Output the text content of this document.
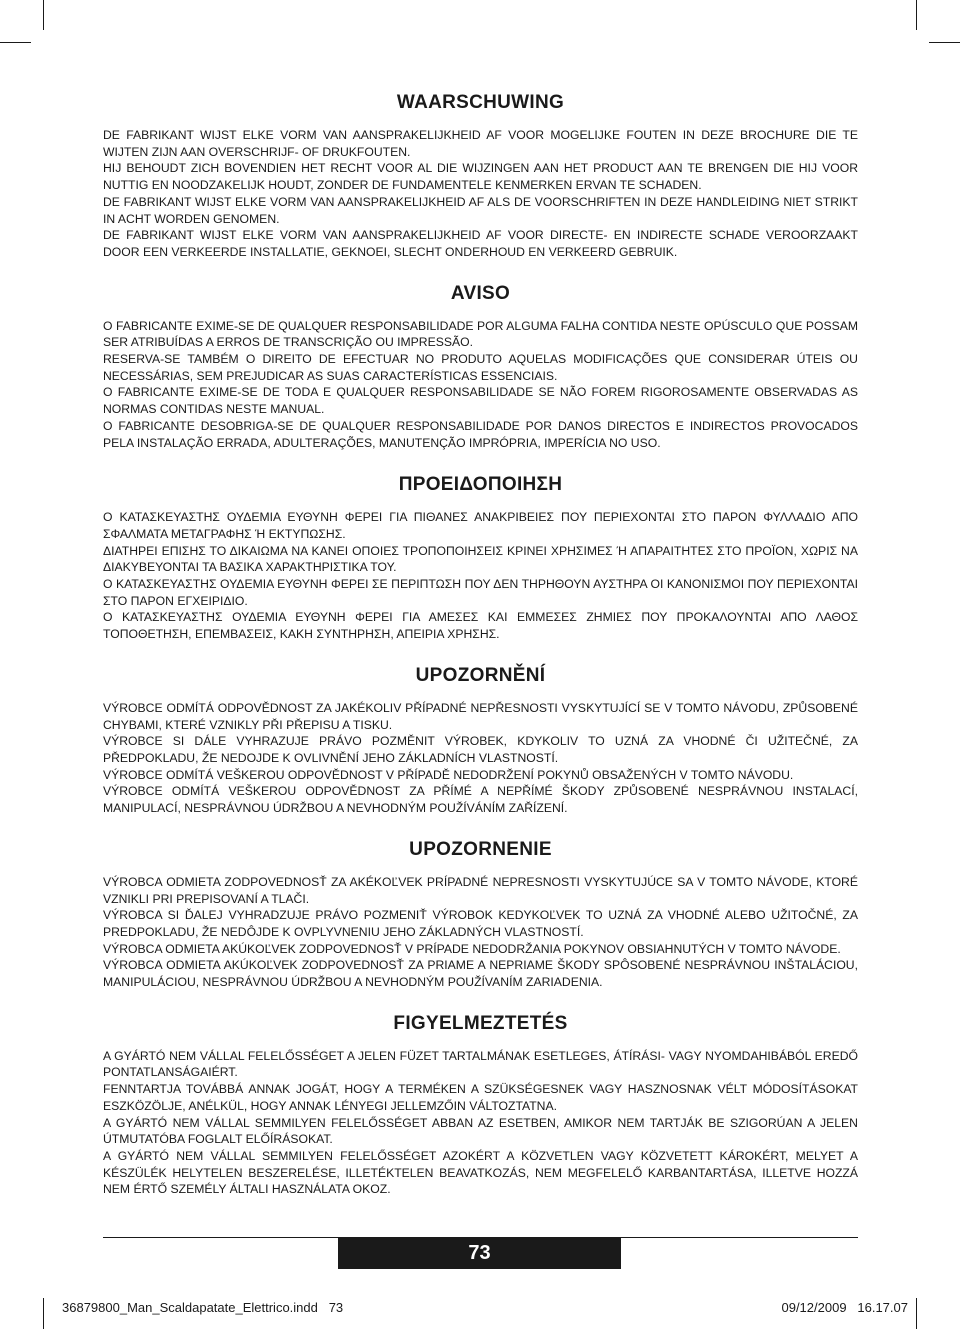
WAARSCHUWING

DE FABRIKANT WIJST ELKE VORM VAN AANSPRAKELIJKHEID AF VOOR MOGELIJKE FOUTEN IN DEZE BROCHURE DIE TE WIJTEN ZIJN AAN OVERSCHRIJF- OF DRUKFOUTEN.

HIJ BEHOUDT ZICH BOVENDIEN HET RECHT VOOR AL DIE WIJZINGEN AAN HET PRODUCT AAN TE BRENGEN DIE HIJ VOOR NUTTIG EN NOODZAKELIJK HOUDT, ZONDER DE FUNDAMENTELE KENMERKEN ERVAN TE SCHADEN.

DE FABRIKANT WIJST ELKE VORM VAN AANSPRAKELIJKHEID AF ALS DE VOORSCHRIFTEN IN DEZE HANDLEIDING NIET STRIKT IN ACHT WORDEN GENOMEN.

DE FABRIKANT WIJST ELKE VORM VAN AANSPRAKELIJKHEID AF VOOR DIRECTE- EN INDIRECTE SCHADE VEROORZAAKT DOOR EEN VERKEERDE INSTALLATIE, GEKNOEI, SLECHT ONDERHOUD EN VERKEERD GEBRUIK.

AVISO

O FABRICANTE EXIME-SE DE QUALQUER RESPONSABILIDADE POR ALGUMA FALHA CONTIDA NESTE OPÚSCULO QUE POSSAM SER ATRIBUÍDAS A ERROS DE TRANSCRIÇÃO OU IMPRESSÃO.

RESERVA-SE TAMBÉM O DIREITO DE EFECTUAR NO PRODUTO AQUELAS MODIFICAÇÕES QUE CONSIDERAR ÚTEIS OU NECESSÁRIAS, SEM PREJUDICAR AS SUAS CARACTERÍSTICAS ESSENCIAIS.

O FABRICANTE EXIME-SE DE TODA E QUALQUER RESPONSABILIDADE SE NÃO FOREM RIGOROSAMENTE OBSERVADAS AS NORMAS CONTIDAS NESTE MANUAL.

O FABRICANTE DESOBRIGA-SE DE QUALQUER RESPONSABILIDADE POR DANOS DIRECTOS E INDIRECTOS PROVOCADOS PELA INSTALAÇÃO ERRADA, ADULTERAÇÕES, MANUTENÇÃO IMPRÓPRIA, IMPERÍCIA NO USO.

ΠΡΟΕΙΔΟΠΟΙΗΣΗ

Ο ΚΑΤΑΣΚΕΥΑΣΤΗΣ ΟΥΔΕΜΙΑ ΕΥΘΥΝΗ ΦΕΡΕΙ ΓΙΑ ΠΙΘΑΝΕΣ ΑΝΑΚΡΙΒΕΙΕΣ ΠΟΥ ΠΕΡΙΕΧΟΝΤΑΙ ΣΤΟ ΠΑΡΟΝ ΦΥΛΛΑΔΙΟ ΑΠΟ ΣΦΑΛΜΑΤΑ ΜΕΤΑΓΡΑΦΗΣ Ή ΕΚΤΥΠΩΣΗΣ.

ΔΙΑΤΗΡΕΙ ΕΠΙΣΗΣ ΤΟ ΔΙΚΑΙΩΜΑ ΝΑ ΚΑΝΕΙ ΟΠΟΙΕΣ ΤΡΟΠΟΠΟΙΗΣΕΙΣ ΚΡΙΝΕΙ ΧΡΗΣΙΜΕΣ Ή ΑΠΑΡΑΙΤΗΤΕΣ ΣΤΟ ΠΡΟΪΟΝ, ΧΩΡΙΣ ΝΑ ΔΙΑΚΥΒΕΥΟΝΤΑΙ ΤΑ ΒΑΣΙΚΑ ΧΑΡΑΚΤΗΡΙΣΤΙΚΑ ΤΟΥ.

Ο ΚΑΤΑΣΚΕΥΑΣΤΗΣ ΟΥΔΕΜΙΑ ΕΥΘΥΝΗ ΦΕΡΕΙ ΣΕ ΠΕΡΙΠΤΩΣΗ ΠΟΥ ΔΕΝ ΤΗΡΗΘΟΥΝ ΑΥΣΤΗΡΑ ΟΙ ΚΑΝΟΝΙΣΜΟΙ ΠΟΥ ΠΕΡΙΕΧΟΝΤΑΙ ΣΤΟ ΠΑΡΟΝ ΕΓΧΕΙΡΙΔΙΟ.

Ο ΚΑΤΑΣΚΕΥΑΣΤΗΣ ΟΥΔΕΜΙΑ ΕΥΘΥΝΗ ΦΕΡΕΙ ΓΙΑ ΑΜΕΣΕΣ ΚΑΙ ΕΜΜΕΣΕΣ ΖΗΜΙΕΣ ΠΟΥ ΠΡΟΚΑΛΟΥΝΤΑΙ ΑΠΟ ΛΑΘΟΣ ΤΟΠΟΘΕΤΗΣΗ, ΕΠΕΜΒΑΣΕΙΣ, ΚΑΚΗ ΣΥΝΤΗΡΗΣΗ, ΑΠΕΙΡΙΑ ΧΡΗΣΗΣ.

UPOZORNĚNÍ

VÝROBCE ODMÍTÁ ODPOVĚDNOST ZA JAKÉKOLIV PŘÍPADNÉ NEPŘESNOSTI VYSKYTUJÍCÍ SE V TOMTO NÁVODU, ZPŮSOBENÉ CHYBAMI, KTERÉ VZNIKLY PŘI PŘEPISU A TISKU.

VÝROBCE SI DÁLE VYHRAZUJE PRÁVO POZMĚNIT VÝROBEK, KDYKOLIV TO UZNÁ ZA VHODNÉ ČI UŽITEČNÉ, ZA PŘEDPOKLADU, ŽE NEDOJDE K OVLIVNĚNÍ JEHO ZÁKLADNÍCH VLASTNOSTÍ.

VÝROBCE ODMÍTÁ VEŠKEROU ODPOVĚDNOST V PŘÍPADĚ NEDODRŽENÍ POKYNŮ OBSAŽENÝCH V TOMTO NÁVODU.

VÝROBCE ODMÍTÁ VEŠKEROU ODPOVĚDNOST ZA PŘÍMÉ A NEPŘÍMÉ ŠKODY ZPŮSOBENÉ NESPRÁVNOU INSTALACÍ, MANIPULACÍ, NESPRÁVNOU ÚDRŽBOU A NEVHODNÝM POUŽÍVÁNÍM ZAŘÍZENÍ.

UPOZORNENIE

VÝROBCA ODMIETA ZODPOVEDNOSŤ ZA AKÉKOĽVEK PRÍPADNÉ NEPRESNOSTI VYSKYTUJÚCE SA V TOMTO NÁVODE, KTORÉ VZNIKLI PRI PREPISOVANÍ A TLAČI.

VÝROBCA SI ĎALEJ VYHRADZUJE PRÁVO POZMENIŤ VÝROBOK KEDYKOĽVEK TO UZNÁ ZA VHODNÉ ALEBO UŽITOČNÉ, ZA PREDPOKLADU, ŽE NEDÔJDE K OVPLYVNENIU JEHO ZÁKLADNÝCH VLASTNOSTÍ.

VÝROBCA ODMIETA AKÚKOĽVEK ZODPOVEDNOSŤ V PRÍPADE NEDODRŽANIA POKYNOV OBSIAHNUTÝCH V TOMTO NÁVODE.

VÝROBCA ODMIETA AKÚKOĽVEK ZODPOVEDNOSŤ ZA PRIAME A NEPRIAME ŠKODY SPÔSOBENÉ NESPRÁVNOU INŠTALÁCIOU, MANIPULÁCIOU, NESPRÁVNOU ÚDRŽBOU A NEVHODNÝM POUŽÍVANÍM ZARIADENIA.

FIGYELMEZTETÉS

A GYÁRTÓ NEM VÁLLAL FELELŐSSÉGET A JELEN FÜZET TARTALMÁNAK ESETLEGES, ÁTÍRÁSI- VAGY NYOMDAHIBÁBÓL EREDŐ PONTATLANSÁGAIÉRT.

FENNTARTJA TOVÁBBÁ ANNAK JOGÁT, HOGY A TERMÉKEN A SZÜKSÉGESNEK VAGY HASZNOSNAK VÉLT MÓDOSÍTÁSOKAT ESZKÖZÖLJE, ANÉLKÜL, HOGY ANNAK LÉNYEGI JELLEMZŐIN VÁLTOZTATNA.

A GYÁRTÓ NEM VÁLLAL SEMMILYEN FELELŐSSÉGET ABBAN AZ ESETBEN, AMIKOR NEM TARTJÁK BE SZIGORÚAN A JELEN ÚTMUTATÓBA FOGLALT ELŐÍRÁSOKAT.

A GYÁRTÓ NEM VÁLLAL SEMMILYEN FELELŐSSÉGET AZOKÉRT A KÖZVETLEN VAGY KÖZVETETT KÁROKÉRT, MELYET A KÉSZÜLÉK HELYTELEN BESZERELÉSE, ILLETÉKTELEN BEAVATKOZÁS, NEM MEGFELELŐ KARBANTARTÁSA, ILLETVE HOZZÁ NEM ÉRTŐ SZEMÉLY ÁLTALI HASZNÁLATA OKOZ.

73
36879800_Man_Scaldapatate_Elettrico.indd   73	09/12/2009   16.17.07
